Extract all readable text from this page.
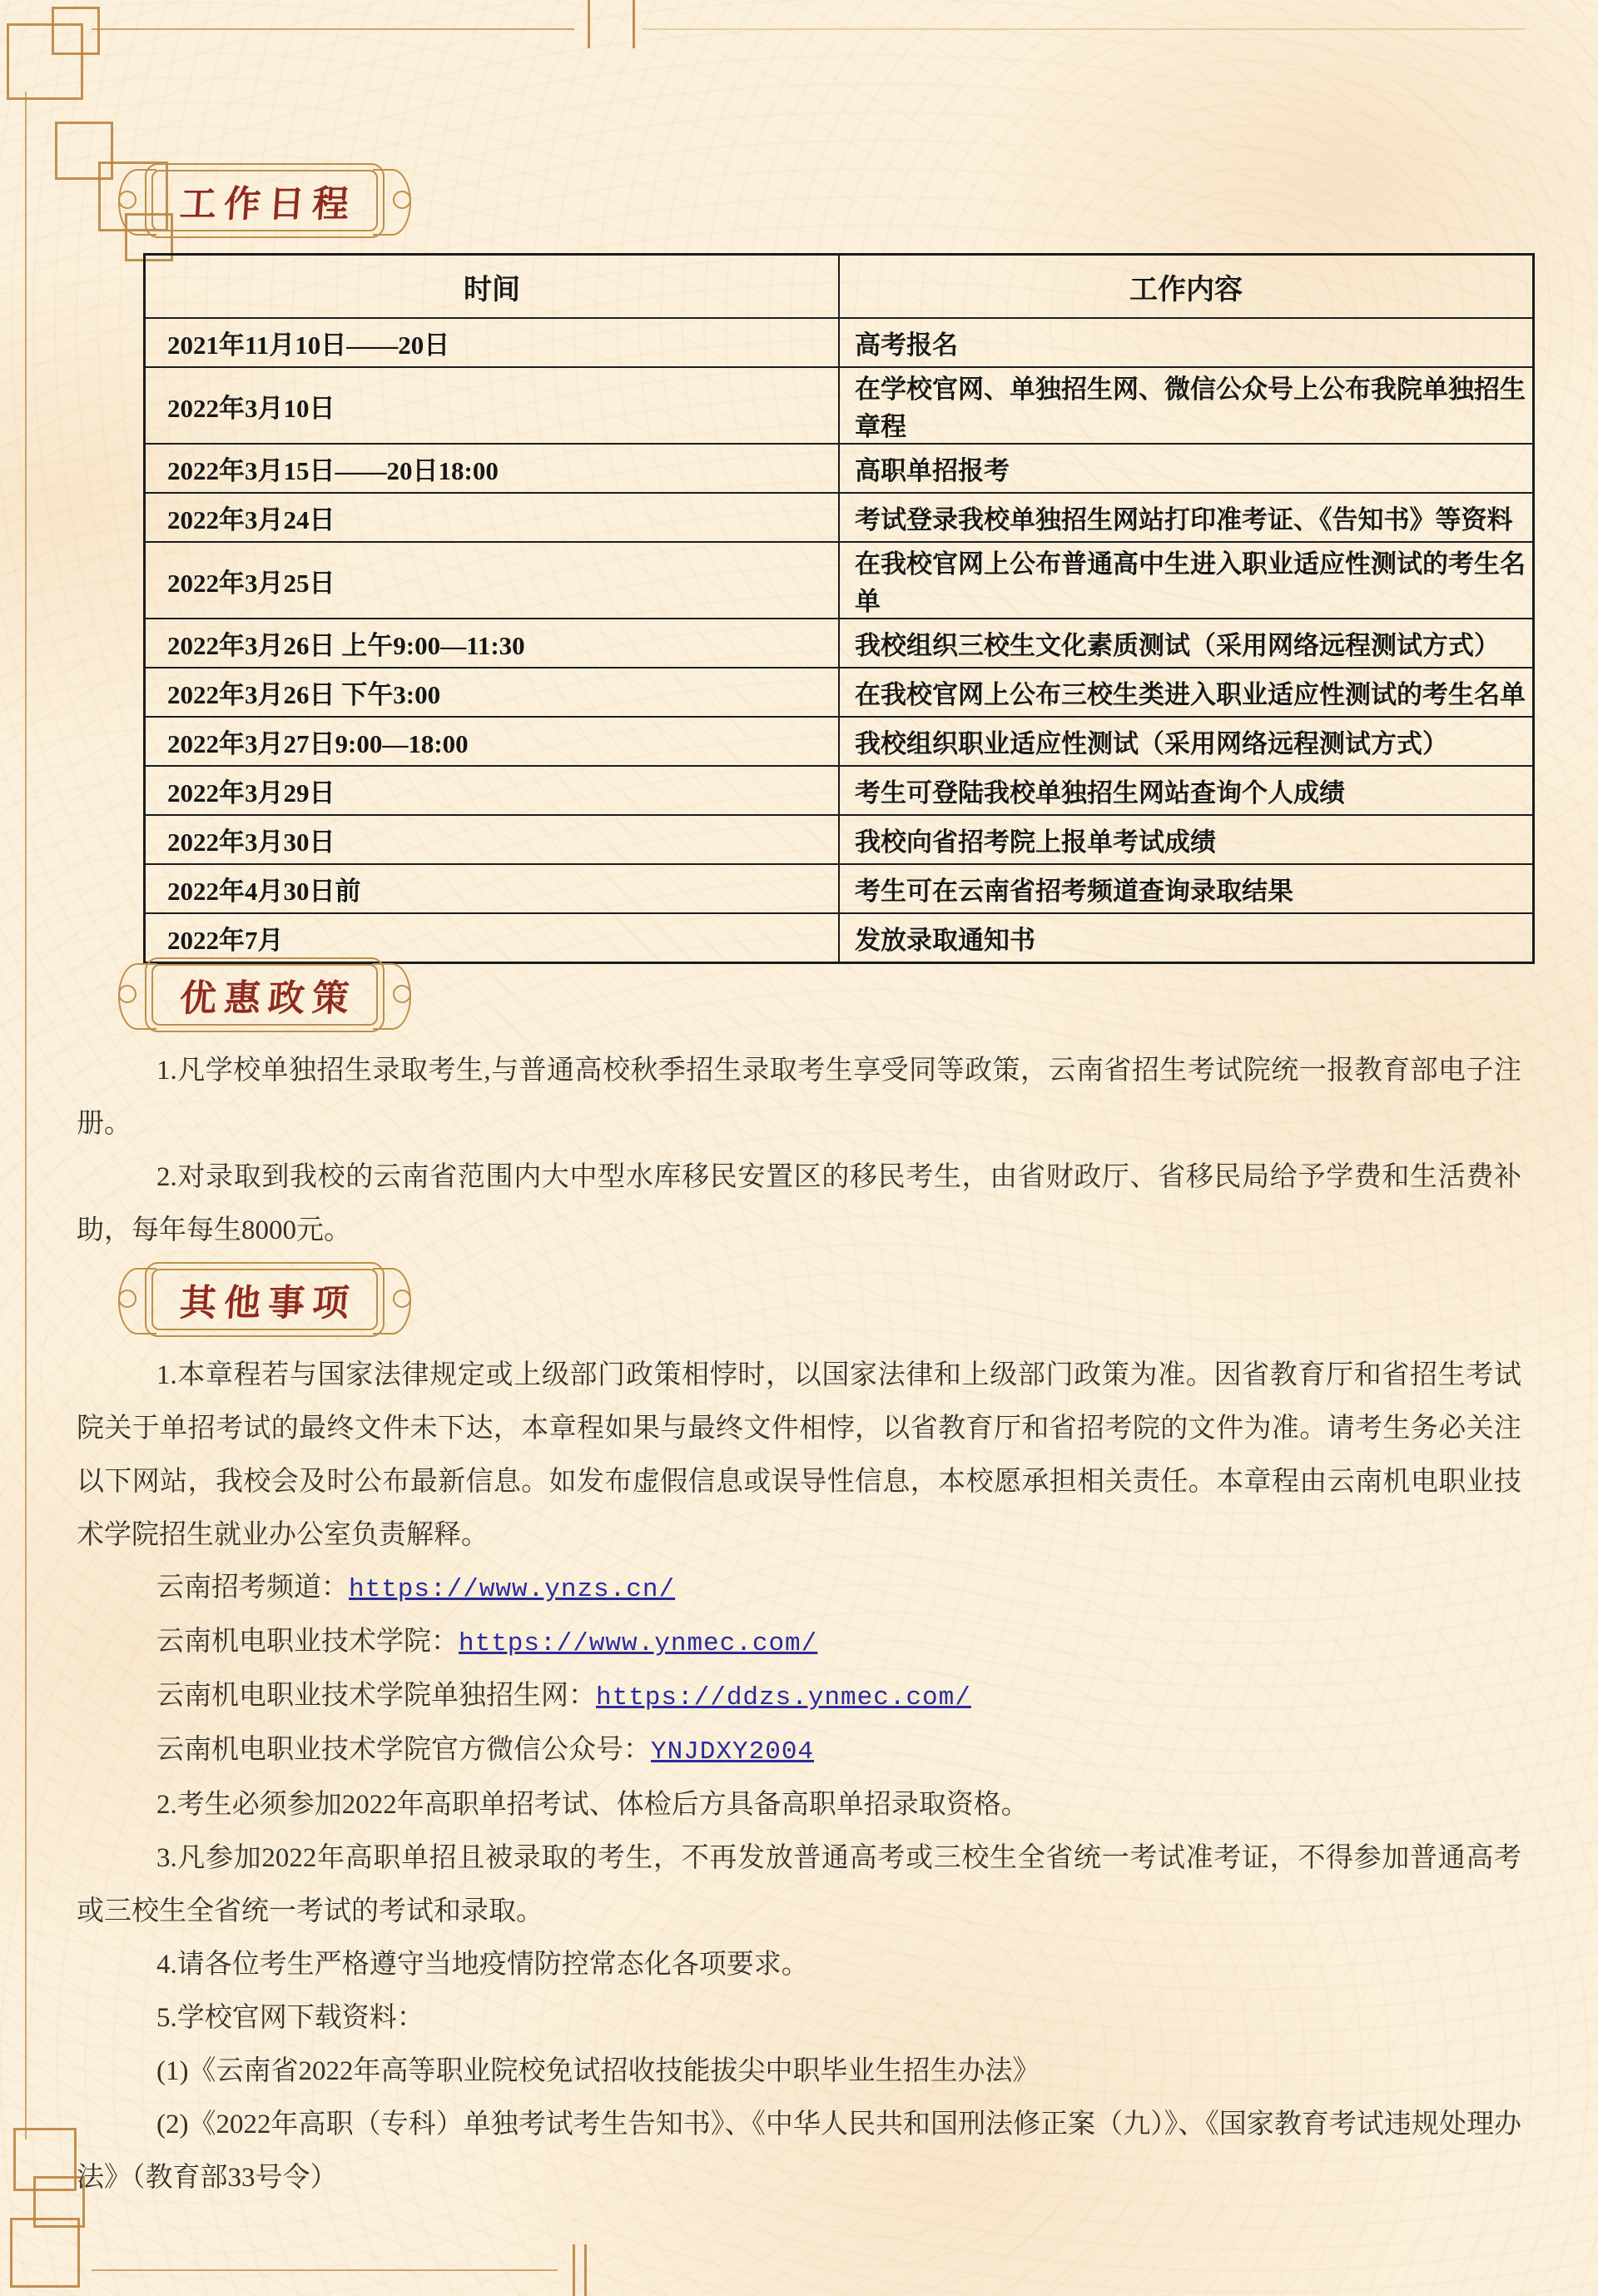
工作日程
时间	工作内容
2021年11月10日——20日	高考报名
2022年3月10日	在学校官网、单独招生网、微信公众号上公布我院单独招生章程
2022年3月15日——20日18:00	高职单招报考
2022年3月24日	考试登录我校单独招生网站打印准考证、《告知书》等资料
2022年3月25日	在我校官网上公布普通高中生进入职业适应性测试的考生名单
2022年3月26日 上午9:00—11:30	我校组织三校生文化素质测试（采用网络远程测试方式）
2022年3月26日 下午3:00	在我校官网上公布三校生类进入职业适应性测试的考生名单
2022年3月27日9:00—18:00	我校组织职业适应性测试（采用网络远程测试方式）
2022年3月29日	考生可登陆我校单独招生网站查询个人成绩
2022年3月30日	我校向省招考院上报单考试成绩
2022年4月30日前	考生可在云南省招考频道查询录取结果
2022年7月	发放录取通知书
优惠政策

1.凡学校单独招生录取考生,与普通高校秋季招生录取考生享受同等政策，云南省招生考试院统一报教育部电子注册。

2.对录取到我校的云南省范围内大中型水库移民安置区的移民考生，由省财政厅、省移民局给予学费和生活费补助，每年每生8000元。

其他事项

1.本章程若与国家法律规定或上级部门政策相悖时，以国家法律和上级部门政策为准。因省教育厅和省招生考试院关于单招考试的最终文件未下达，本章程如果与最终文件相悖，以省教育厅和省招考院的文件为准。请考生务必关注以下网站，我校会及时公布最新信息。如发布虚假信息或误导性信息，本校愿承担相关责任。本章程由云南机电职业技术学院招生就业办公室负责解释。

云南招考频道：https://www.ynzs.cn/
云南机电职业技术学院：https://www.ynmec.com/
云南机电职业技术学院单独招生网：https://ddzs.ynmec.com/
云南机电职业技术学院官方微信公众号：YNJDXY2004

2.考生必须参加2022年高职单招考试、体检后方具备高职单招录取资格。

3.凡参加2022年高职单招且被录取的考生，不再发放普通高考或三校生全省统一考试准考证，不得参加普通高考或三校生全省统一考试的考试和录取。

4.请各位考生严格遵守当地疫情防控常态化各项要求。

5.学校官网下载资料：

(1)《云南省2022年高等职业院校免试招收技能拔尖中职毕业生招生办法》

(2)《2022年高职（专科）单独考试考生告知书》、《中华人民共和国刑法修正案（九）》、《国家教育考试违规处理办法》（教育部33号令）
